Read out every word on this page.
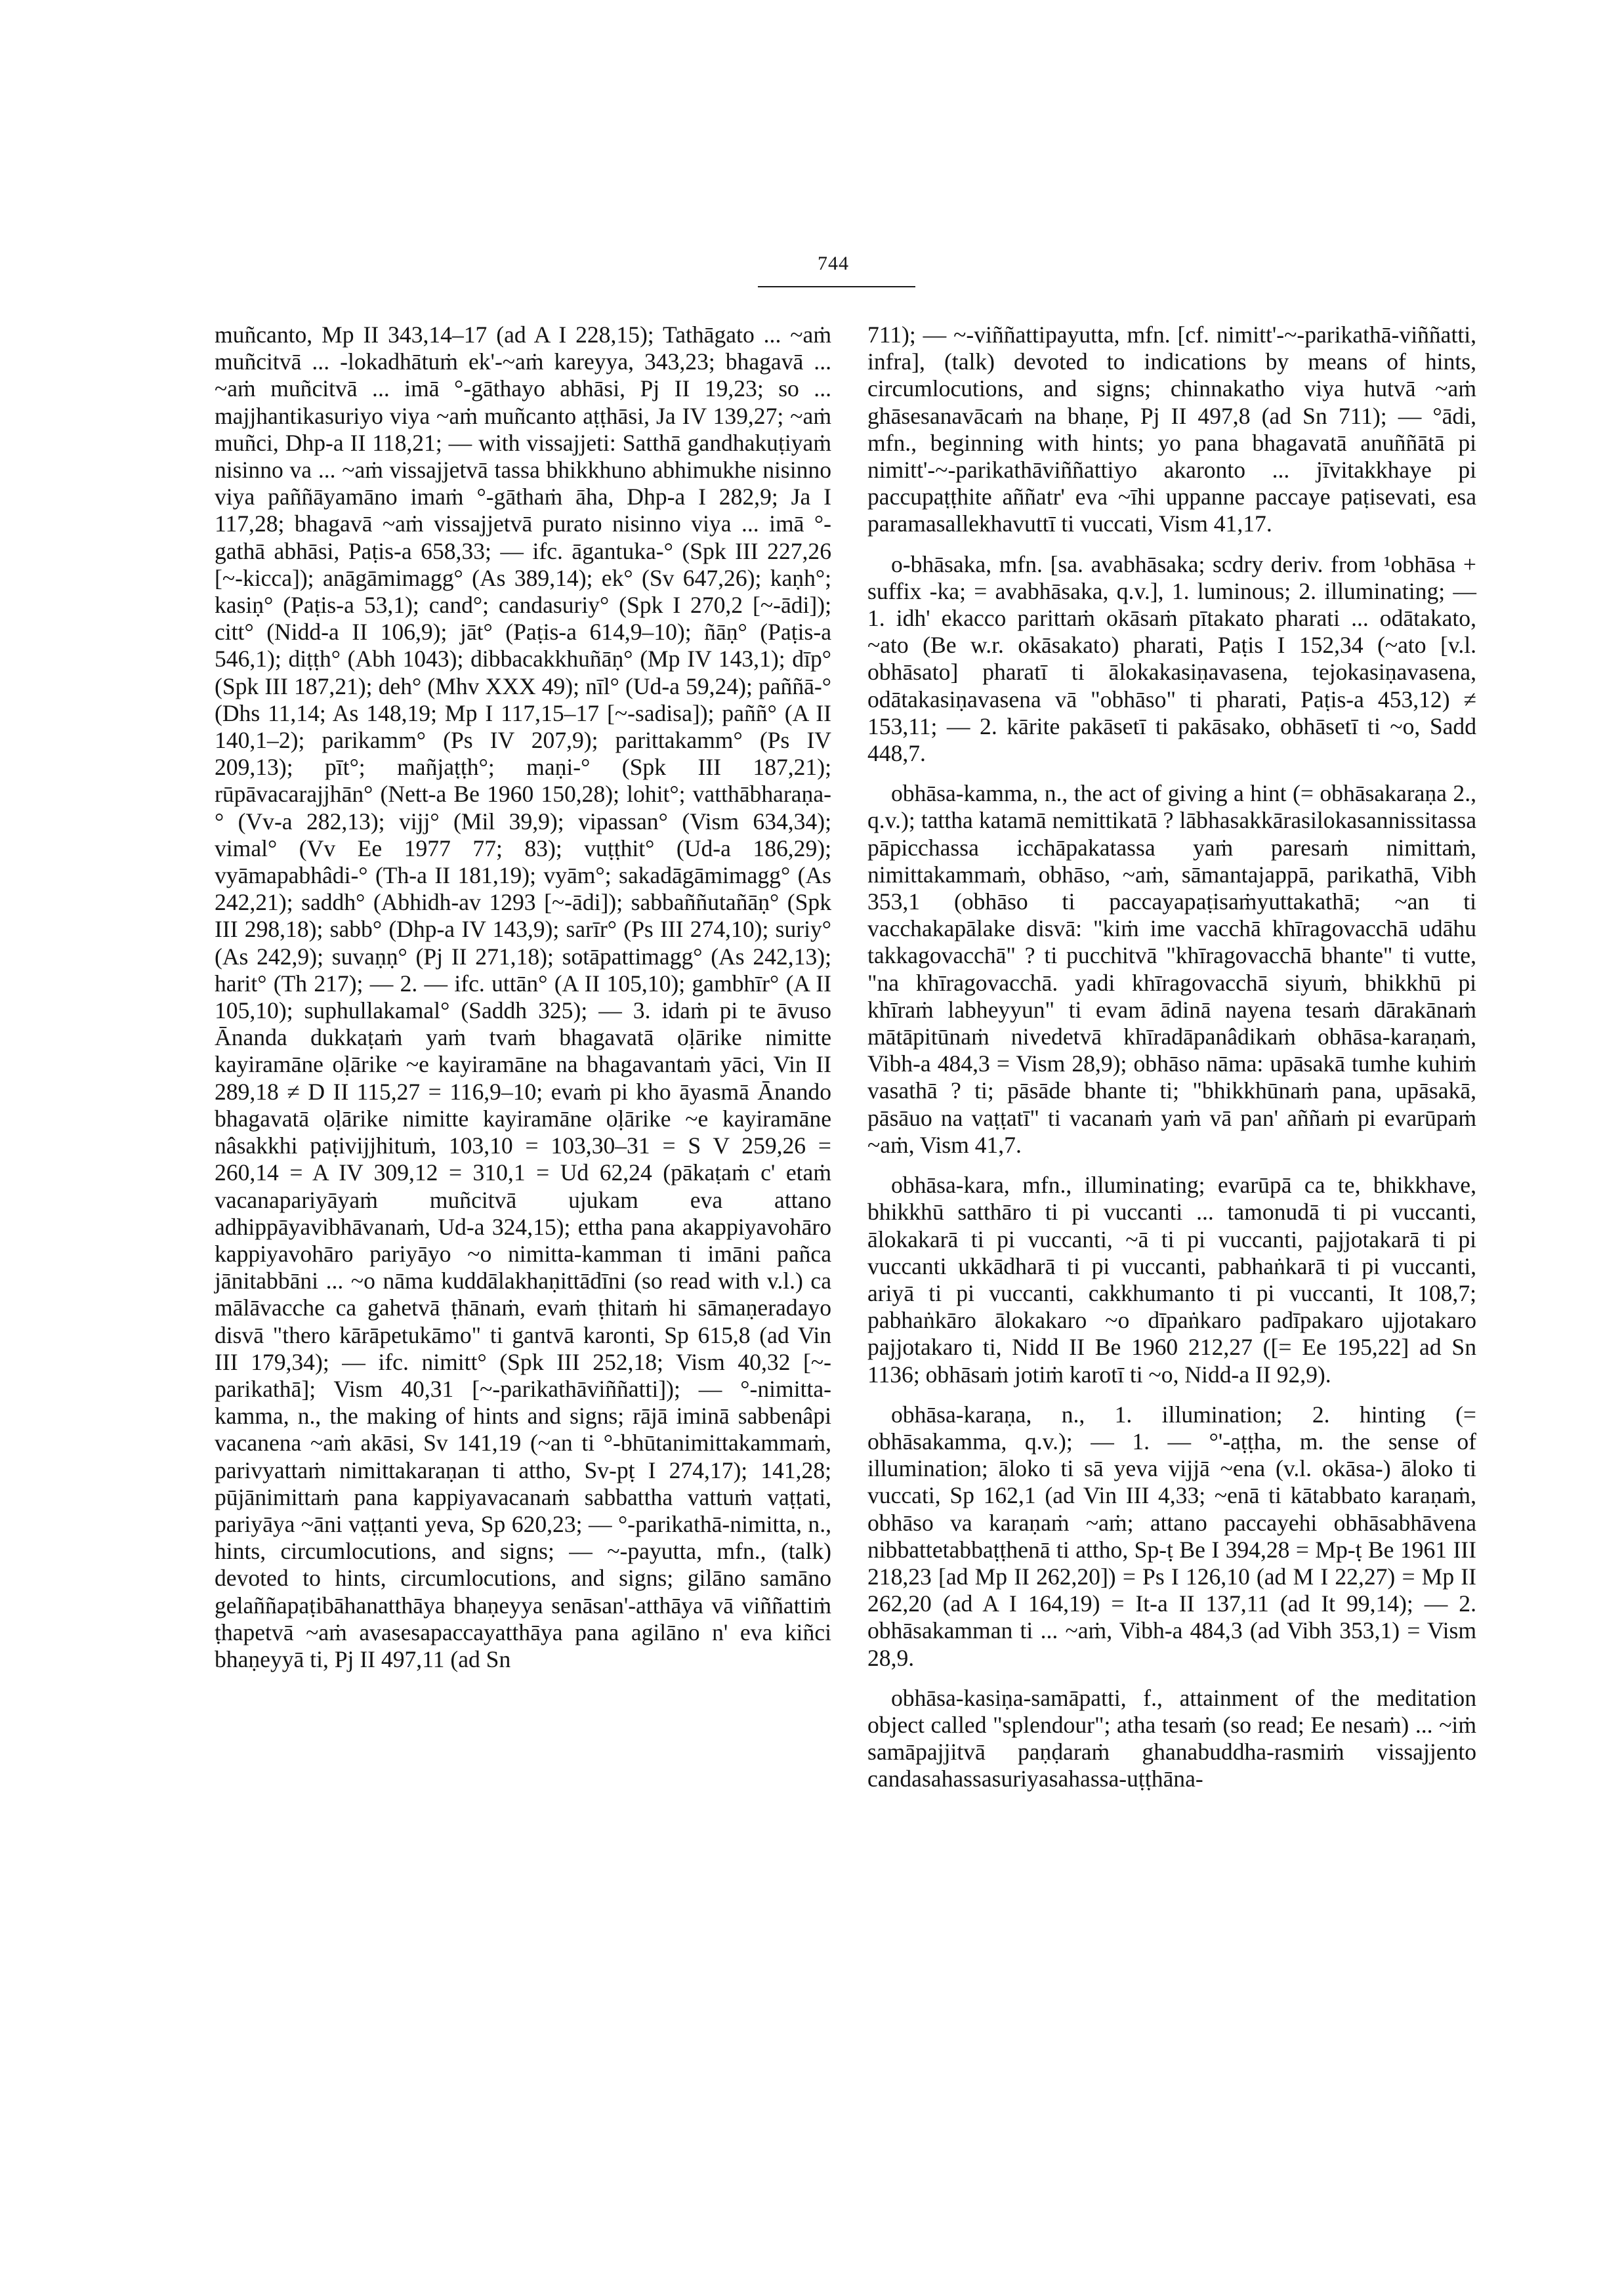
744

muñcanto, Mp II 343,14–17 (ad A I 228,15); Tathāgato ... ~aṁ muñcitvā ... -lokadhātuṁ ek'-~aṁ kareyya, 343,23; bhagavā ... ~aṁ muñcitvā ... imā °-gāthayo abhāsi, Pj II 19,23; so ... majjhantikasuriyo viya ~aṁ muñcanto aṭṭhāsi, Ja IV 139,27; ~aṁ muñci, Dhp-a II 118,21; — with vissajjeti: Satthā gandhakuṭiyaṁ nisinno va ... ~aṁ vissajjetvā tassa bhikkhuno abhimukhe nisinno viya paññāyamāno imaṁ °-gāthaṁ āha, Dhp-a I 282,9; Ja I 117,28; bhagavā ~aṁ vissajjetvā purato nisinno viya ... imā °-gathā abhāsi, Paṭis-a 658,33; — ifc. āgantuka-° (Spk III 227,26 [~-kicca]); anāgāmimagg° (As 389,14); ek° (Sv 647,26); kaṇh°; kasiṇ° (Paṭis-a 53,1); cand°; candasuriy° (Spk I 270,2 [~-ādi]); citt° (Nidd-a II 106,9); jāt° (Paṭis-a 614,9–10); ñāṇ° (Paṭis-a 546,1); diṭṭh° (Abh 1043); dibbacakkhuñāṇ° (Mp IV 143,1); dīp° (Spk III 187,21); deh° (Mhv XXX 49); nīl° (Ud-a 59,24); paññā-° (Dhs 11,14; As 148,19; Mp I 117,15–17 [~-sadisa]); paññ° (A II 140,1–2); parikamm° (Ps IV 207,9); parittakamm° (Ps IV 209,13); pīt°; mañjaṭṭh°; maṇi-° (Spk III 187,21); rūpāvacarajjhān° (Nett-a Be 1960 150,28); lohit°; vatthābharaṇa-° (Vv-a 282,13); vijj° (Mil 39,9); vipassan° (Vism 634,34); vimal° (Vv Ee 1977 77; 83); vuṭṭhit° (Ud-a 186,29); vyāmapabhâdi-° (Th-a II 181,19); vyām°; sakadāgāmimagg° (As 242,21); saddh° (Abhidh-av 1293 [~-ādi]); sabbaññutañāṇ° (Spk III 298,18); sabb° (Dhp-a IV 143,9); sarīr° (Ps III 274,10); suriy° (As 242,9); suvaṇṇ° (Pj II 271,18); sotāpattimagg° (As 242,13); harit° (Th 217); — 2. — ifc. uttān° (A II 105,10); gambhīr° (A II 105,10); suphullakamal° (Saddh 325); — 3. idaṁ pi te āvuso Ānanda dukkaṭaṁ yaṁ tvaṁ bhagavatā oḷārike nimitte kayiramāne oḷārike ~e kayiramāne na bhagavantaṁ yāci, Vin II 289,18 ≠ D II 115,27 = 116,9–10; evaṁ pi kho āyasmā Ānando bhagavatā oḷārike nimitte kayiramāne oḷārike ~e kayiramāne nâsakkhi paṭivijjhituṁ, 103,10 = 103,30–31 = S V 259,26 = 260,14 = A IV 309,12 = 310,1 = Ud 62,24 (pākaṭaṁ c' etaṁ vacanapariyāyaṁ muñcitvā ujukam eva attano adhippāyavibhāvanaṁ, Ud-a 324,15); ettha pana akappiyavohāro kappiyavohāro pariyāyo ~o nimitta-kamman ti imāni pañca jānitabbāni ... ~o nāma kuddālakhaṇittādīni (so read with v.l.) ca mālāvacche ca gahetvā ṭhānaṁ, evaṁ ṭhitaṁ hi sāmaṇeradayo disvā "thero kārāpetukāmo" ti gantvā karonti, Sp 615,8 (ad Vin III 179,34); — ifc. nimitt° (Spk III 252,18; Vism 40,32 [~-parikathā]; Vism 40,31 [~-parikathāviññatti]); — °-nimitta-kamma, n., the making of hints and signs; rājā iminā sabbenâpi vacanena ~aṁ akāsi, Sv 141,19 (~an ti °-bhūtanimittakammaṁ, parivyattaṁ nimittakaraṇan ti attho, Sv-pṭ I 274,17); 141,28; pūjānimittaṁ pana kappiyavacanaṁ sabbattha vattuṁ vaṭṭati, pariyāya ~āni vaṭṭanti yeva, Sp 620,23; — °-parikathā-nimitta, n., hints, circumlocutions, and signs; — ~-payutta, mfn., (talk) devoted to hints, circumlocutions, and signs; gilāno samāno gelaññapaṭibāhanatthāya bhaṇeyya senāsan'-atthāya vā viññattiṁ ṭhapetvā ~aṁ avasesapaccayatthāya pana agilāno n' eva kiñci bhaṇeyyā ti, Pj II 497,11 (ad Sn

711); — ~-viññattipayutta, mfn. [cf. nimitt'-~-parikathā-viññatti, infra], (talk) devoted to indications by means of hints, circumlocutions, and signs; chinnakatho viya hutvā ~aṁ ghāsesanavācaṁ na bhaṇe, Pj II 497,8 (ad Sn 711); — °ādi, mfn., beginning with hints; yo pana bhagavatā anuññātā pi nimitt'-~-parikathāviññattiyo akaronto ... jīvitakkhaye pi paccupaṭṭhite aññatr' eva ~īhi uppanne paccaye paṭisevati, esa paramasallekhavuttī ti vuccati, Vism 41,17.

o-bhāsaka, mfn. [sa. avabhāsaka; scdry deriv. from ¹obhāsa + suffix -ka; = avabhāsaka, q.v.], 1. luminous; 2. illuminating; — 1. idh' ekacco parittaṁ okāsaṁ pītakato pharati ... odātakato, ~ato (Be w.r. okāsakato) pharati, Paṭis I 152,34 (~ato [v.l. obhāsato] pharatī ti ālokakasiṇavasena, tejokasiṇavasena, odātakasiṇavasena vā "obhāso" ti pharati, Paṭis-a 453,12) ≠ 153,11; — 2. kārite pakāsetī ti pakāsako, obhāsetī ti ~o, Sadd 448,7.

obhāsa-kamma, n., the act of giving a hint (= obhāsakaraṇa 2., q.v.); tattha katamā nemittikatā ? lābhasakkārasilokasannissitassa pāpicchassa icchāpakatassa yaṁ paresaṁ nimittaṁ, nimittakammaṁ, obhāso, ~aṁ, sāmantajappā, parikathā, Vibh 353,1 (obhāso ti paccayapaṭisaṁyuttakathā; ~an ti vacchakapālake disvā: "kiṁ ime vacchā khīragovacchā udāhu takkagovacchā" ? ti pucchitvā "khīragovacchā bhante" ti vutte, "na khīragovacchā. yadi khīragovacchā siyuṁ, bhikkhū pi khīraṁ labheyyun" ti evam ādinā nayena tesaṁ dārakānaṁ mātāpitūnaṁ nivedetvā khīradāpanâdikaṁ obhāsa-karaṇaṁ, Vibh-a 484,3 = Vism 28,9); obhāso nāma: upāsakā tumhe kuhiṁ vasathā ? ti; pāsāde bhante ti; "bhikkhūnaṁ pana, upāsakā, pāsāuo na vaṭṭatī" ti vacanaṁ yaṁ vā pan' aññaṁ pi evarūpaṁ ~aṁ, Vism 41,7.

obhāsa-kara, mfn., illuminating; evarūpā ca te, bhikkhave, bhikkhū satthāro ti pi vuccanti ... tamonudā ti pi vuccanti, ālokakarā ti pi vuccanti, ~ā ti pi vuccanti, pajjotakarā ti pi vuccanti ukkādharā ti pi vuccanti, pabhaṅkarā ti pi vuccanti, ariyā ti pi vuccanti, cakkhumanto ti pi vuccanti, It 108,7; pabhaṅkāro ālokakaro ~o dīpaṅkaro padīpakaro ujjotakaro pajjotakaro ti, Nidd II Be 1960 212,27 ([= Ee 195,22] ad Sn 1136; obhāsaṁ jotiṁ karotī ti ~o, Nidd-a II 92,9).

obhāsa-karaṇa, n., 1. illumination; 2. hinting (= obhāsakamma, q.v.); — 1. — °'-aṭṭha, m. the sense of illumination; āloko ti sā yeva vijjā ~ena (v.l. okāsa-) āloko ti vuccati, Sp 162,1 (ad Vin III 4,33; ~enā ti kātabbato karaṇaṁ, obhāso va karaṇaṁ ~aṁ; attano paccayehi obhāsabhāvena nibbattetabbaṭṭhenā ti attho, Sp-ṭ Be I 394,28 = Mp-ṭ Be 1961 III 218,23 [ad Mp II 262,20]) = Ps I 126,10 (ad M I 22,27) = Mp II 262,20 (ad A I 164,19) = It-a II 137,11 (ad It 99,14); — 2. obhāsakamman ti ... ~aṁ, Vibh-a 484,3 (ad Vibh 353,1) = Vism 28,9.

obhāsa-kasiṇa-samāpatti, f., attainment of the meditation object called "splendour"; atha tesaṁ (so read; Ee nesaṁ) ... ~iṁ samāpajjitvā paṇḍaraṁ ghanabuddha-rasmiṁ vissajjento candasahassasuriyasahassa-uṭṭhāna-
